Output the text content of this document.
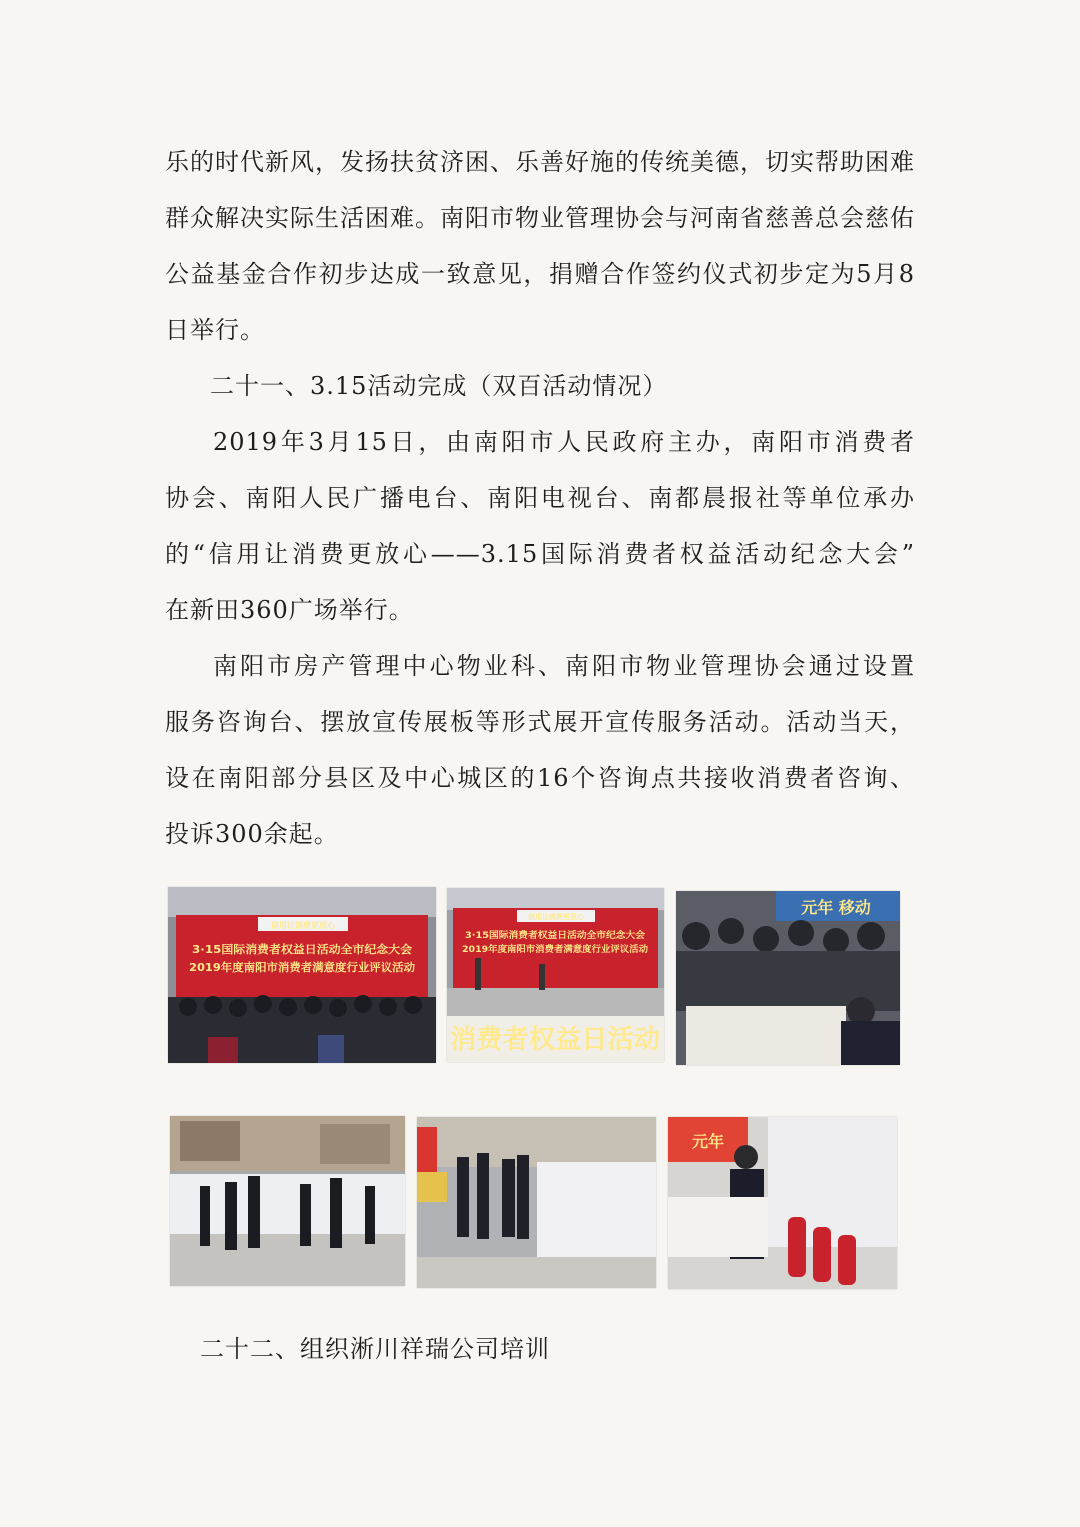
乐的时代新风，发扬扶贫济困、乐善好施的传统美德，切实帮助困难
群众解决实际生活困难。南阳市物业管理协会与河南省慈善总会慈佑
公益基金合作初步达成一致意见，捐赠合作签约仪式初步定为5月8
日举行。
二十一、3.15活动完成（双百活动情况）
2019年3月15日，由南阳市人民政府主办，南阳市消费者
协会、南阳人民广播电台、南阳电视台、南都晨报社等单位承办
的“信用让消费更放心——3.15国际消费者权益活动纪念大会”
在新田360广场举行。
南阳市房产管理中心物业科、南阳市物业管理协会通过设置
服务咨询台、摆放宣传展板等形式展开宣传服务活动。活动当天，
设在南阳部分县区及中心城区的16个咨询点共接收消费者咨询、
投诉300余起。
信用让消费更放心
3·15国际消费者权益日活动全市纪念大会
2019年度南阳市消费者满意度行业评议活动
信用让消费更放心
3·15国际消费者权益日活动全市纪念大会
2019年度南阳市消费者满意度行业评议活动
消费者权益日活动
元年 移动
元年
二十二、组织淅川祥瑞公司培训
